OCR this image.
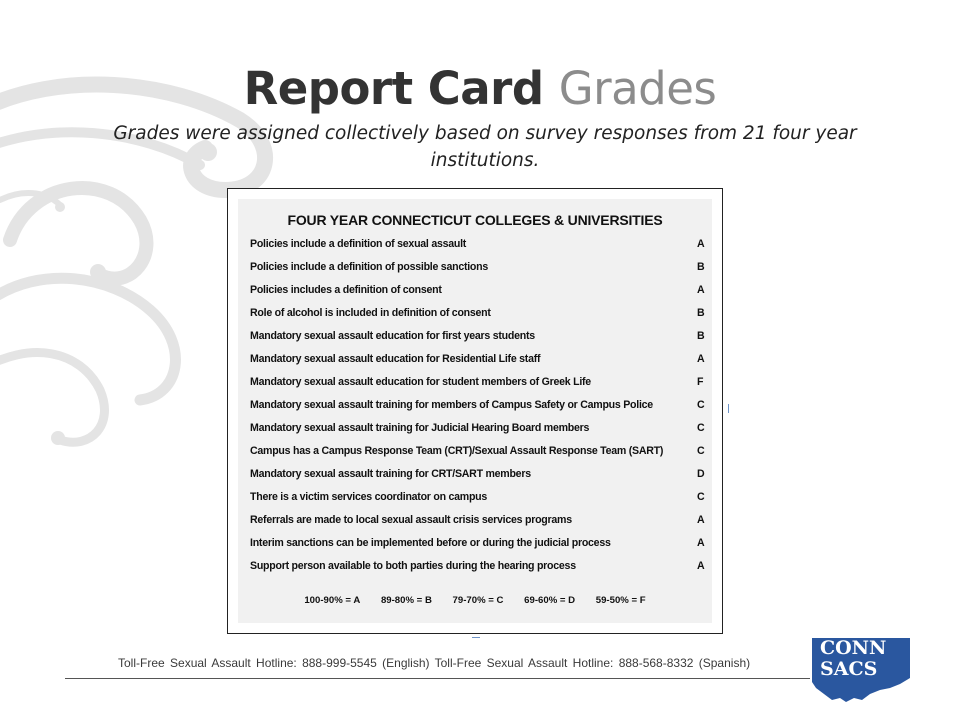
Report Card Grades
Grades were assigned collectively based on survey responses from 21 four year institutions.
FOUR YEAR CONNECTICUT COLLEGES & UNIVERSITIES
Policies include a definition of sexual assault	A
Policies include a definition of possible sanctions	B
Policies includes a definition of consent	A
Role of alcohol is included in definition of consent	B
Mandatory sexual assault education for first years students	B
Mandatory sexual assault education for Residential Life staff	A
Mandatory sexual assault education for student members of Greek Life	F
Mandatory sexual assault training for members of Campus Safety or Campus Police	C
Mandatory sexual assault training for Judicial Hearing Board members	C
Campus has a Campus Response Team (CRT)/Sexual Assault Response Team (SART)	C
Mandatory sexual assault training for CRT/SART members	D
There is a victim services coordinator on campus	C
Referrals are made to local sexual assault crisis services programs	A
Interim sanctions can be implemented before or during the judicial process	A
Support person available to both parties during the hearing process	A
100-90% = A 89-80% = B 79-70% = C 69-60% = D 59-50% = F
Toll-Free Sexual Assault Hotline: 888-999-5545 (English) Toll-Free Sexual Assault Hotline: 888-568-8332 (Spanish)
CONN
SACS
